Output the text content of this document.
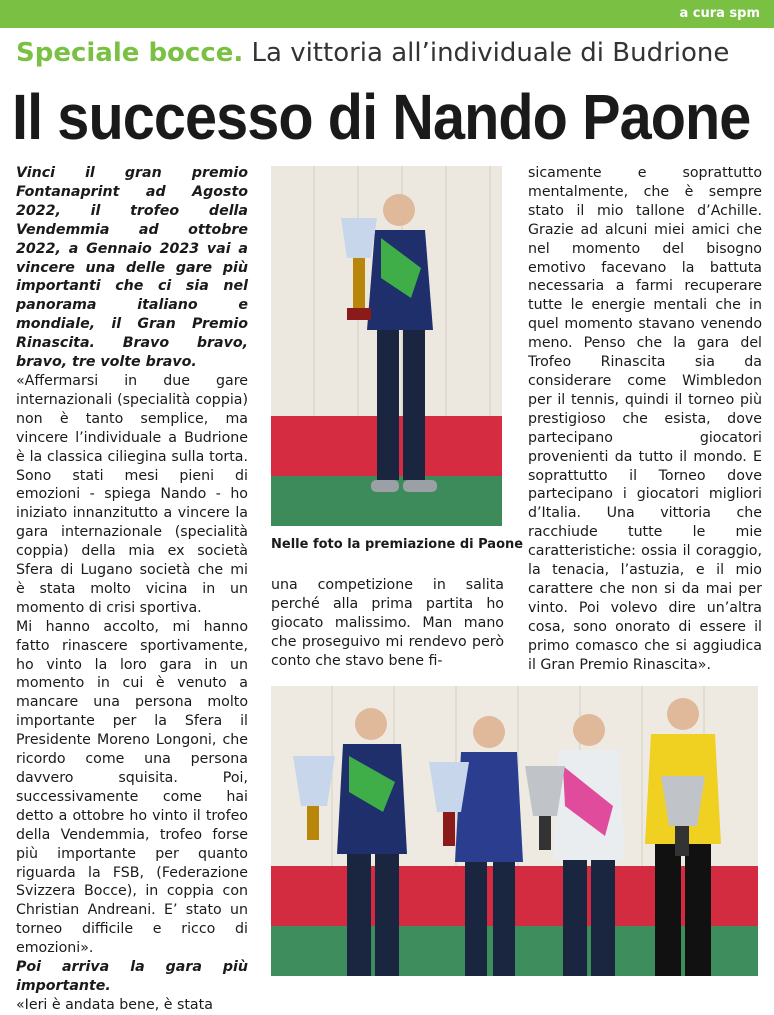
a cura spm
Speciale bocce. La vittoria all’individuale di Budrione
Il successo di Nando Paone

Vinci il gran premio Fontanaprint ad Agosto 2022, il trofeo della Vendemmia ad ottobre 2022, a Gennaio 2023 vai a vincere una delle gare più importanti che ci sia nel panorama italiano e mondiale, il Gran Premio Rinascita. Bravo bravo, bravo, tre volte bravo.

«Affermarsi in due gare internazionali (specialità coppia) non è tanto semplice, ma vincere l’individuale a Budrione è la classica ciliegina sulla torta. Sono stati mesi pieni di emozioni - spiega Nando - ho iniziato innanzitutto a vincere la gara internazionale (specialità coppia) della mia ex società Sfera di Lugano società che mi è stata molto vicina in un momento di crisi sportiva.

Mi hanno accolto, mi hanno fatto rinascere sportivamente, ho vinto la loro gara in un momento in cui è venuto a mancare una persona molto importante per la Sfera il Presidente Moreno Longoni, che ricordo come una persona davvero squisita. Poi, successivamente come hai detto a ottobre ho vinto il trofeo della Vendemmia, trofeo forse più importante per quanto riguarda la FSB, (Federazione Svizzera Bocce), in coppia con Christian Andreani. E’ stato un torneo difficile e ricco di emozioni».

Poi arriva la gara più importante.

«Ieri è andata bene, è stata

Nelle foto la premiazione di Paone

una competizione in salita perché alla prima partita ho giocato malissimo. Man mano che proseguivo mi rendevo però conto che stavo bene fi-

sicamente e soprattutto mentalmente, che è sempre stato il mio tallone d’Achille. Grazie ad alcuni miei amici che nel momento del bisogno emotivo facevano la battuta necessaria a farmi recuperare tutte le energie mentali che in quel momento stavano venendo meno. Penso che la gara del Trofeo Rinascita sia da considerare come Wimbledon per il tennis, quindi il torneo più prestigioso che esista, dove partecipano giocatori provenienti da tutto il mondo. E soprattutto il Torneo dove partecipano i giocatori migliori d’Italia. Una vittoria che racchiude tutte le mie caratteristiche: ossia il coraggio, la tenacia, l’astuzia, e il mio carattere che non si da mai per vinto. Poi volevo dire un’altra cosa, sono onorato di essere il primo comasco che si aggiudica il Gran Premio Rinascita».
